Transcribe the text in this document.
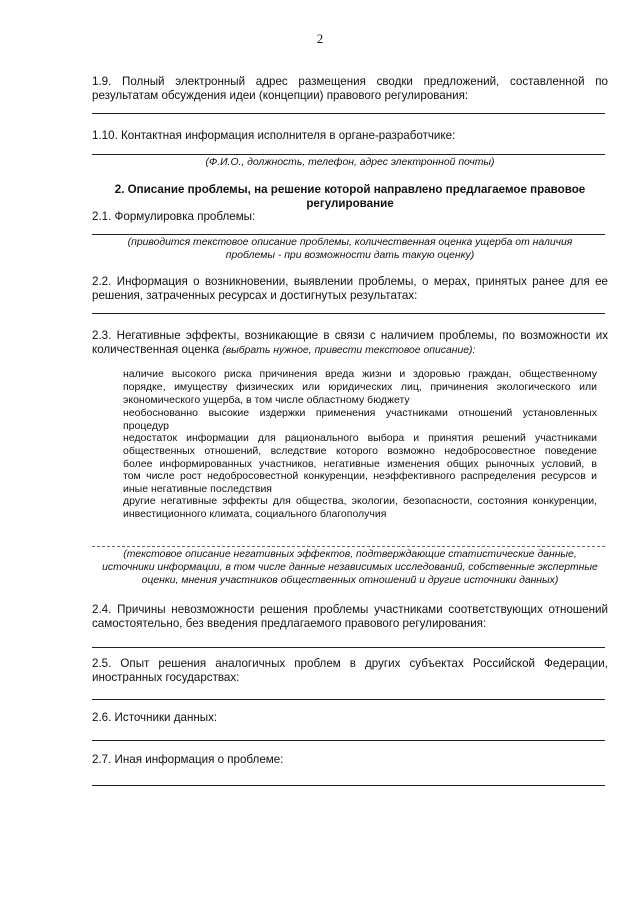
2
1.9. Полный электронный адрес размещения сводки предложений, составленной по
результатам обсуждения идеи (концепции) правового регулирования:
1.10. Контактная информация исполнителя в органе-разработчике:
(Ф.И.О., должность, телефон, адрес электронной почты)
2. Описание проблемы, на решение которой направлено предлагаемое правовое
регулирование
2.1. Формулировка проблемы:
(приводится текстовое описание проблемы, количественная оценка ущерба от наличия
проблемы - при возможности дать такую оценку)
2.2. Информация о возникновении, выявлении проблемы, о мерах, принятых ранее для ее
решения, затраченных ресурсах и достигнутых результатах:
2.3. Негативные эффекты, возникающие в связи с наличием проблемы, по возможности их
количественная оценка (выбрать нужное, привести текстовое описание):
наличие высокого риска причинения вреда жизни и здоровью граждан, общественному
порядке, имуществу физических или юридических лиц, причинения экологического или
экономического ущерба, в том числе областному бюджету
необоснованно высокие издержки применения участниками отношений установленных
процедур
недостаток информации для рационального выбора и принятия решений участниками
общественных отношений, вследствие которого возможно недобросовестное поведение
более информированных участников, негативные изменения общих рыночных условий, в
том числе рост недобросовестной конкуренции, неэффективного распределения ресурсов и
иные негативные последствия
другие негативные эффекты для общества, экологии, безопасности, состояния конкуренции,
инвестиционного климата, социального благополучия
(текстовое описание негативных эффектов, подтверждающие статистические данные,
источники информации, в том числе данные независимых исследований, собственные экспертные
оценки, мнения участников общественных отношений и другие источники данных)
2.4. Причины невозможности решения проблемы участниками соответствующих отношений
самостоятельно, без введения предлагаемого правового регулирования:
2.5. Опыт решения аналогичных проблем в других субъектах Российской Федерации,
иностранных государствах:
2.6. Источники данных:
2.7. Иная информация о проблеме:
